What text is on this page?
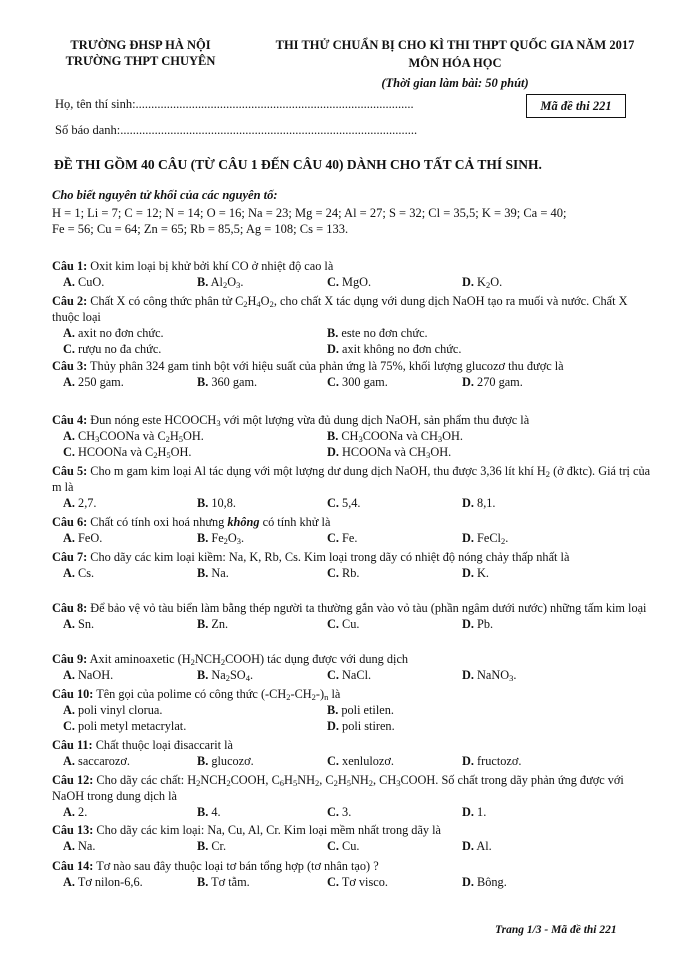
TRƯỜNG ĐHSP HÀ NỘI
TRƯỜNG THPT CHUYÊN
THI THỬ CHUẨN BỊ CHO KÌ THI THPT QUỐC GIA NĂM 2017
MÔN HÓA HỌC
(Thời gian làm bài: 50 phút)
Mã đề thi 221
Họ, tên thí sinh:.........................................................................................
Số báo danh:...............................................................................................
ĐỀ THI GỒM 40 CÂU (TỪ CÂU 1 ĐẾN CÂU 40) DÀNH CHO TẤT CẢ THÍ SINH.
Cho biết nguyên tử khối của các nguyên tố:
H = 1; Li = 7; C = 12; N = 14; O = 16; Na = 23; Mg = 24; Al = 27; S = 32; Cl = 35,5; K = 39; Ca = 40;
Fe = 56; Cu = 64; Zn = 65; Rb = 85,5; Ag = 108; Cs = 133.
Câu 1: Oxit kim loại bị khử bởi khí CO ở nhiệt độ cao là
A. CuO.	B. $Al_2O_3$.	C. MgO.	D. $K_2O$.
Câu 2: Chất X có công thức phân tử $C_2H_4O_2$, cho chất X tác dụng với dung dịch NaOH tạo ra muối và nước. Chất X thuộc loại
A. axit no đơn chức.	B. este no đơn chức.
C. rượu no đa chức.	D. axit không no đơn chức.
Câu 3: Thủy phân 324 gam tinh bột với hiệu suất của phản ứng là 75%, khối lượng glucozơ thu được là
A. 250 gam.	B. 360 gam.	C. 300 gam.	D. 270 gam.
Câu 4: Đun nóng este $HCOOCH_3$ với một lượng vừa đủ dung dịch NaOH, sản phẩm thu được là
A. $CH_3COONa$ và $C_2H_5OH$.	B. $CH_3COONa$ và $CH_3OH$.
C. HCOONa và $C_2H_5OH$.	D. HCOONa và $CH_3OH$.
Câu 5: Cho m gam kim loại Al tác dụng với một lượng dư dung dịch NaOH, thu được 3,36 lít khí $H_2$ (ở đktc). Giá trị của m là
A. 2,7.	B. 10,8.	C. 5,4.	D. 8,1.
Câu 6: Chất có tính oxi hoá nhưng không có tính khử là
A. FeO.	B. $Fe_2O_3$.	C. Fe.	D. FeCl$_2$.
Câu 7: Cho dãy các kim loại kiềm: Na, K, Rb, Cs. Kim loại trong dãy có nhiệt độ nóng chảy thấp nhất là
A. Cs.	B. Na.	C. Rb.	D. K.
Câu 8: Để bảo vệ vỏ tàu biển làm bằng thép người ta thường gắn vào vỏ tàu (phần ngâm dưới nước) những tấm kim loại
A. Sn.	B. Zn.	C. Cu.	D. Pb.
Câu 9: Axit aminoaxetic $(H_2NCH_2COOH)$ tác dụng được với dung dịch
A. NaOH.	B. $Na_2SO_4$.	C. NaCl.	D. NaNO$_3$.
Câu 10: Tên gọi của polime có công thức $(-CH_2-CH_2-)_n$ là
A. poli vinyl clorua.	B. poli etilen.
C. poli metyl metacrylat.	D. poli stiren.
Câu 11: Chất thuộc loại đisaccarit là
A. saccarozơ.	B. glucozơ.	C. xenlulozơ.	D. fructozơ.
Câu 12: Cho dãy các chất: $H_2NCH_2COOH$, $C_6H_5NH_2$, $C_2H_5NH_2$, $CH_3COOH$. Số chất trong dãy phản ứng được với NaOH trong dung dịch là
A. 2.	B. 4.	C. 3.	D. 1.
Câu 13: Cho dãy các kim loại: Na, Cu, Al, Cr. Kim loại mềm nhất trong dãy là
A. Na.	B. Cr.	C. Cu.	D. Al.
Câu 14: Tơ nào sau đây thuộc loại tơ bán tổng hợp (tơ nhân tạo) ?
A. Tơ nilon-6,6.	B. Tơ tằm.	C. Tơ visco.	D. Bông.
Trang 1/3 - Mã đề thi 221
